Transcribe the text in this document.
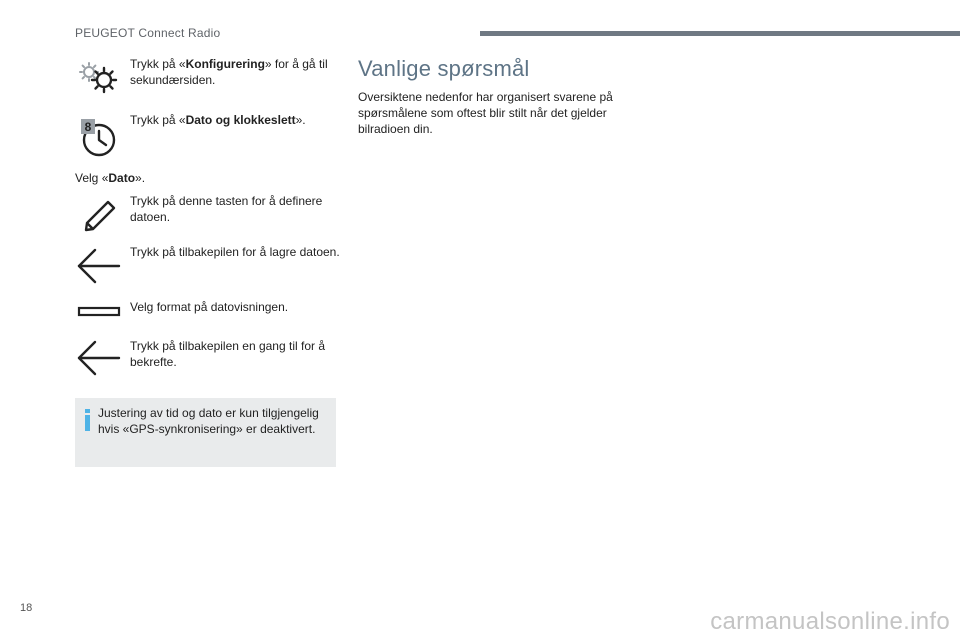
PEUGEOT Connect Radio
Trykk på «Konfigurering» for å gå til sekundærsiden.
8	Trykk på «Dato og klokkeslett».
Velg «Dato».
Trykk på denne tasten for å definere datoen.
Trykk på tilbakepilen for å lagre datoen.
Velg format på datovisningen.
Trykk på tilbakepilen en gang til for å bekrefte.
Justering av tid og dato er kun tilgjengelig hvis «GPS-synkronisering» er deaktivert.
Vanlige spørsmål
Oversiktene nedenfor har organisert svarene på spørsmålene som oftest blir stilt når det gjelder bilradioen din.
18	carmanualsonline.info
